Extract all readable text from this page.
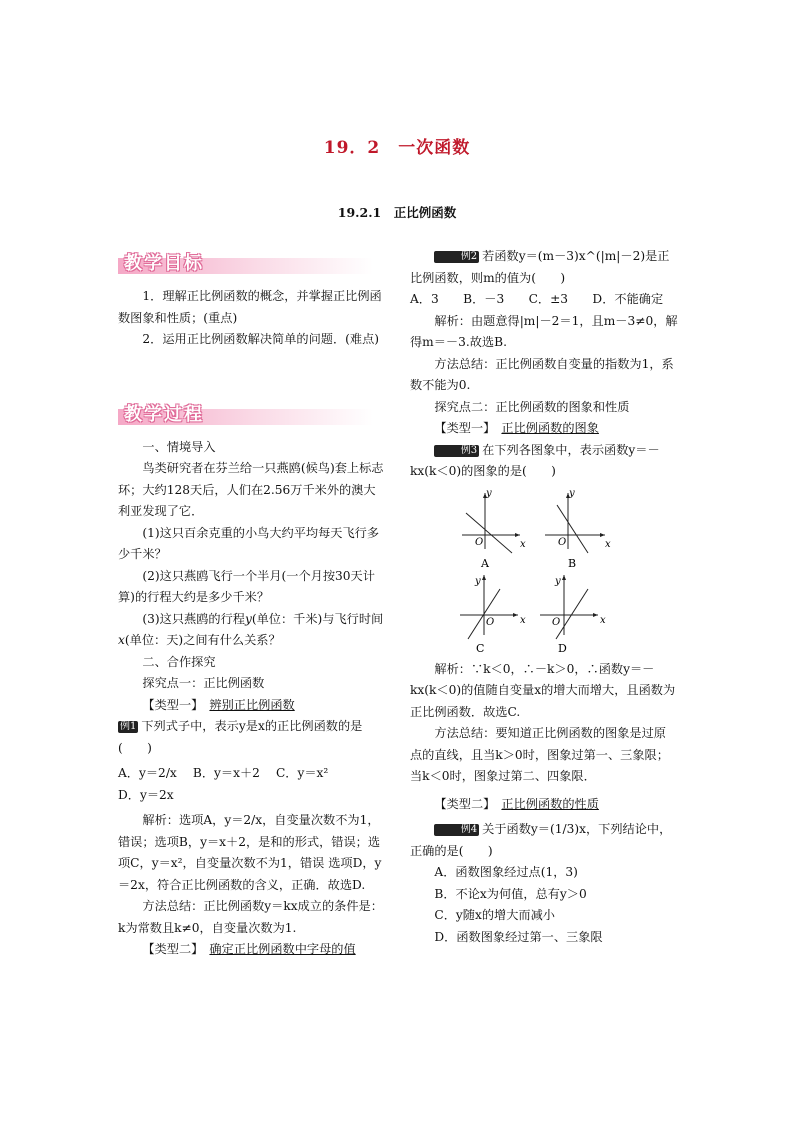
19．2　一次函数
19.2.1　正比例函数
教学目标

1．理解正比例函数的概念，并掌握正比例函数图象和性质；(重点)

2．运用正比例函数解决简单的问题．(难点)

教学过程

一、情境导入

鸟类研究者在芬兰给一只燕鸥(候鸟)套上标志环；大约128天后，人们在2.56万千米外的澳大利亚发现了它．

(1)这只百余克重的小鸟大约平均每天飞行多少千米？

(2)这只燕鸥飞行一个半月(一个月按30天计算)的行程大约是多少千米？

(3)这只燕鸥的行程y(单位：千米)与飞行时间x(单位：天)之间有什么关系？

二、合作探究

探究点一：正比例函数

【类型一】　 辨别正比例函数

例1 下列式子中，表示y是x的正比例函数的是(　　)

A．y＝2/x　 B．y＝x＋2　 C．y＝x²
D．y＝2x

解析：选项A，y＝2/x，自变量次数不为1，错误；选项B，y＝x＋2，是和的形式，错误；选项C，y＝x²，自变量次数不为1，错误 选项D，y＝2x，符合正比例函数的含义，正确．故选D.

方法总结：正比例函数y＝kx成立的条件是：k为常数且k≠0，自变量次数为1.

【类型二】　 确定正比例函数中字母的值

例2 若函数y＝(m－3)x^(|m|－2)是正比例函数，则m的值为(　　)

A．3　　B．－3　　C．±3　　D．不能确定

解析：由题意得|m|－2＝1，且m－3≠0，解得m＝－3.故选B.

方法总结：正比例函数自变量的指数为1，系数不能为0.

探究点二：正比例函数的图象和性质

【类型一】　 正比例函数的图象

例3 在下列各图象中，表示函数y＝－kx(k＜0)的图象的是(　　)

y
x
O
A
y
x
O
B
y
x
O
C
y
x
O
D

解析：∵k＜0，∴－k＞0，∴函数y＝－kx(k＜0)的值随自变量x的增大而增大，且函数为正比例函数．故选C.

方法总结：要知道正比例函数的图象是过原点的直线，且当k＞0时，图象过第一、三象限；当k＜0时，图象过第二、四象限．

【类型二】　 正比例函数的性质

例4 关于函数y＝(1/3)x，下列结论中，正确的是(　　)

A．函数图象经过点(1，3)

B．不论x为何值，总有y＞0

C．y随x的增大而减小

D．函数图象经过第一、三象限
